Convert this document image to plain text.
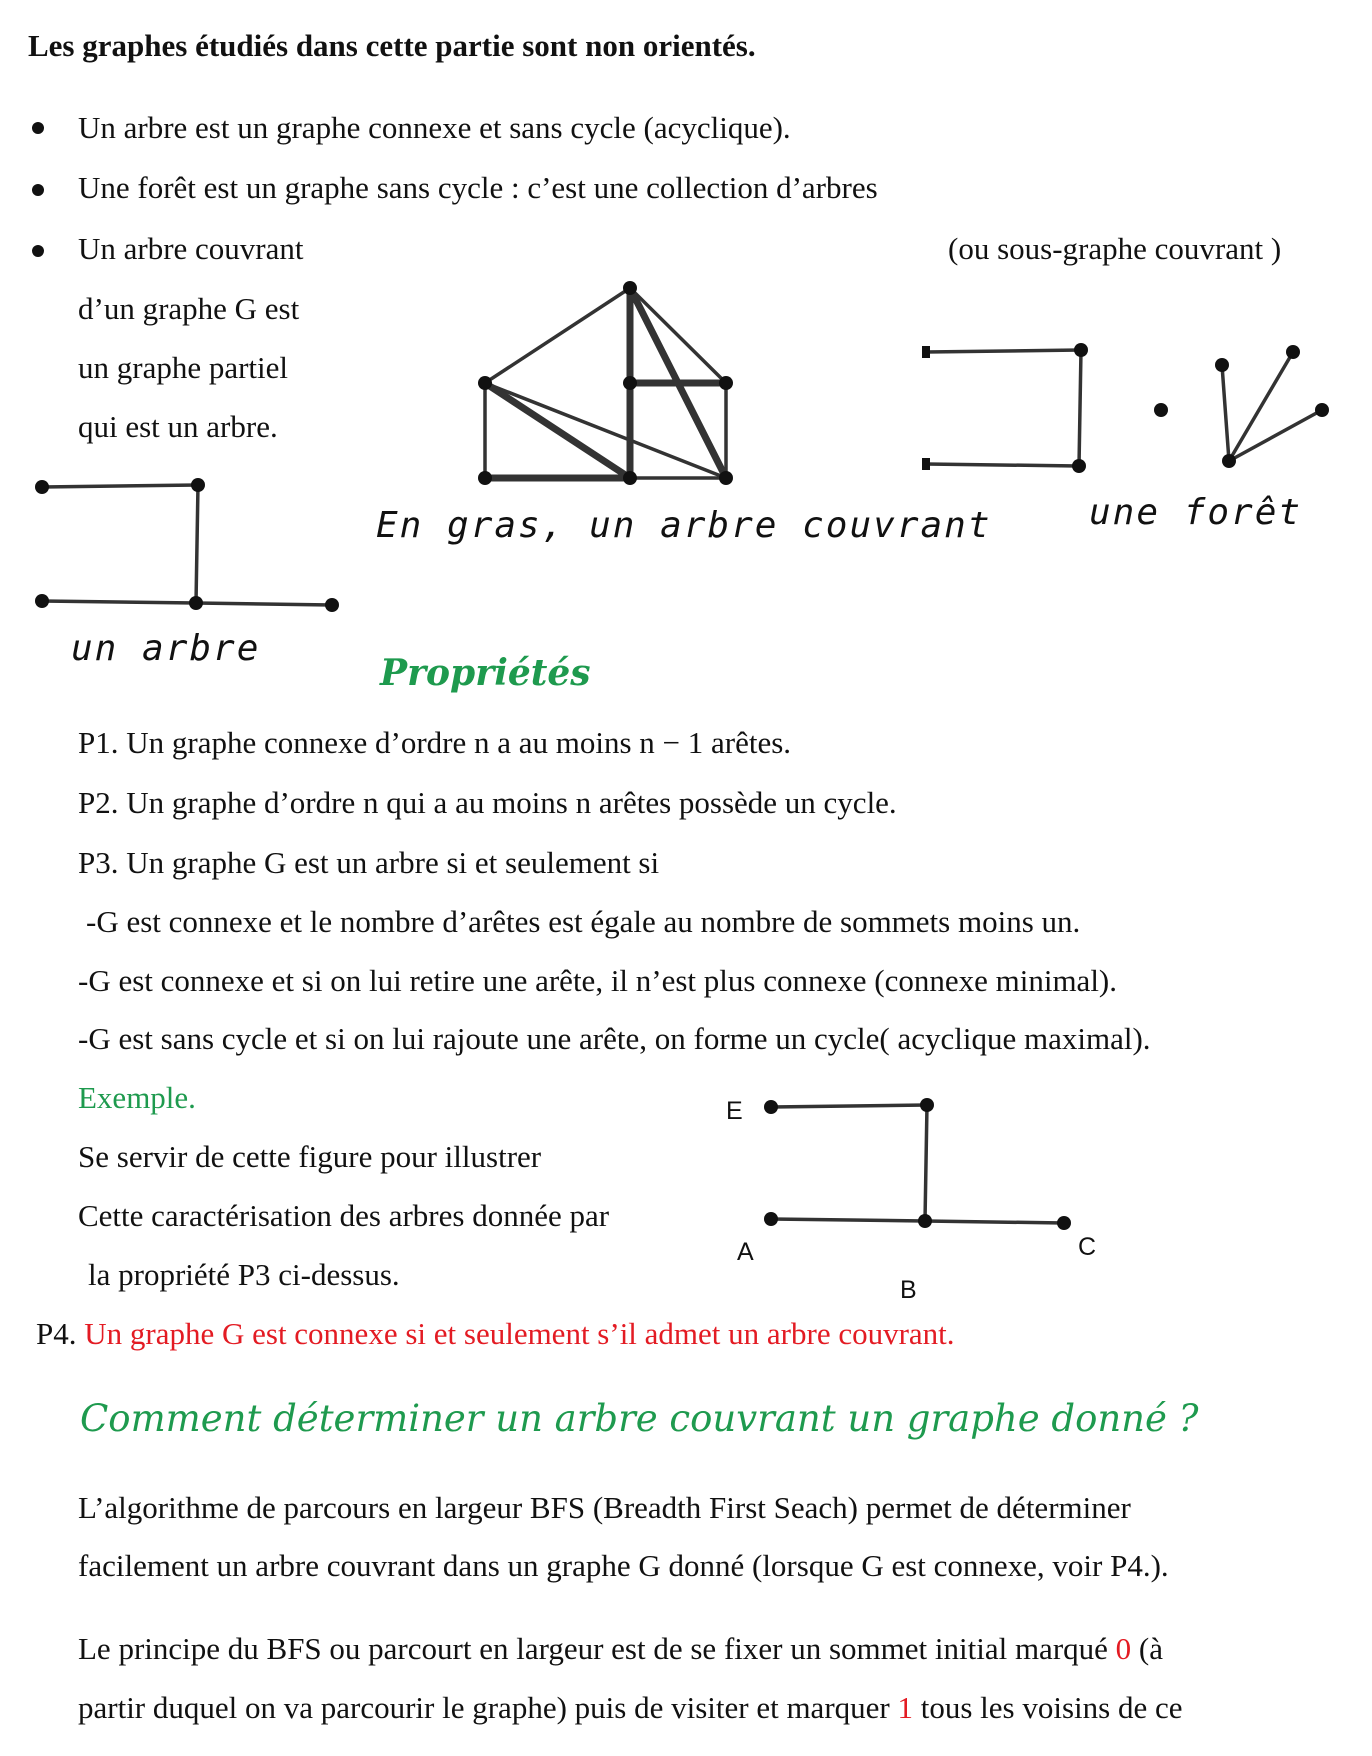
Les graphes étudiés dans cette partie sont non orientés.
Un arbre est un graphe connexe et sans cycle (acyclique).
Une forêt est un graphe sans cycle : c’est une collection d’arbres
Un arbre couvrant	(ou sous-graphe couvrant )
d’un graphe G est
un graphe partiel
qui est un arbre.
En gras, un arbre couvrant	une forêt
un arbre
Propriétés
P1. Un graphe connexe d’ordre n a au moins n − 1 arêtes.
P2. Un graphe d’ordre n qui a au moins n arêtes possède un cycle.
P3. Un graphe G est un arbre si et seulement si
-G est connexe et le nombre d’arêtes est égale au nombre de sommets moins un.
-G est connexe et si on lui retire une arête, il n’est plus connexe (connexe minimal).
-G est sans cycle et si on lui rajoute une arête, on forme un cycle( acyclique maximal).
Exemple.
Se servir de cette figure pour illustrer
Cette caractérisation des arbres donnée par
la propriété P3 ci-dessus.
E
A	C
B
P4. Un graphe G est connexe si et seulement s’il admet un arbre couvrant.
Comment déterminer un arbre couvrant un graphe donné ?
L’algorithme de parcours en largeur BFS (Breadth First Seach) permet de déterminer
facilement un arbre couvrant dans un graphe G donné (lorsque G est connexe, voir P4.).
Le principe du BFS ou parcourt en largeur est de se fixer un sommet initial marqué 0 (à
partir duquel on va parcourir le graphe) puis de visiter et marquer 1 tous les voisins de ce
